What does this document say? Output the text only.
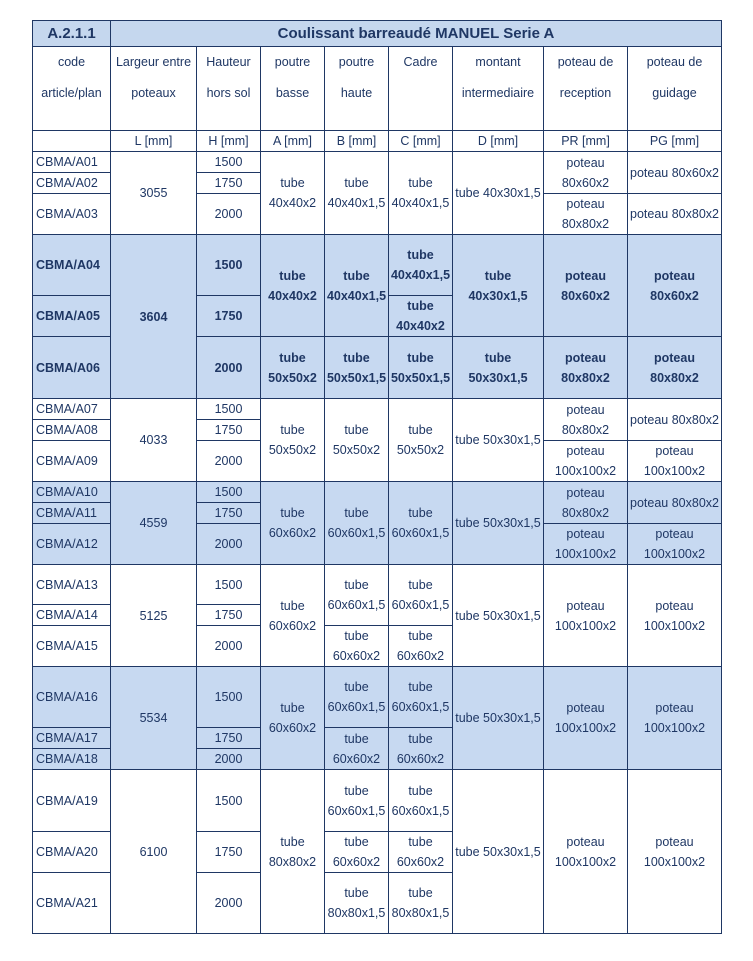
A.2.1.1	Coulissant barreaudé MANUEL Serie A							
code article/plan	Largeur entre poteaux	Hauteur hors sol	poutre basse	poutre haute	Cadre	montant intermediaire	poteau de reception	poteau de guidage
	L [mm]	H [mm]	A [mm]	B [mm]	C [mm]	D [mm]	PR [mm]	PG [mm]
CBMA/A01	3055	1500	tube 40x40x2	tube 40x40x1,5	tube 40x40x1,5	tube 40x30x1,5	poteau 80x60x2	poteau 80x60x2
CBMA/A02		1750						
CBMA/A03		2000					poteau 80x80x2	poteau 80x80x2
CBMA/A04	3604	1500	tube 40x40x2	tube 40x40x1,5	tube 40x40x1,5	tube 40x30x1,5	poteau 80x60x2	poteau 80x60x2
CBMA/A05		1750			tube 40x40x2			
CBMA/A06		2000	tube 50x50x2	tube 50x50x1,5	tube 50x50x1,5	tube 50x30x1,5	poteau 80x80x2	poteau 80x80x2
CBMA/A07	4033	1500	tube 50x50x2	tube 50x50x2	tube 50x50x2	tube 50x30x1,5	poteau 80x80x2	poteau 80x80x2
CBMA/A08		1750						
CBMA/A09		2000					poteau 100x100x2	poteau 100x100x2
CBMA/A10	4559	1500	tube 60x60x2	tube 60x60x1,5	tube 60x60x1,5	tube 50x30x1,5	poteau 80x80x2	poteau 80x80x2
CBMA/A11		1750						
CBMA/A12		2000					poteau 100x100x2	poteau 100x100x2
CBMA/A13	5125	1500	tube 60x60x2	tube 60x60x1,5	tube 60x60x1,5	tube 50x30x1,5	poteau 100x100x2	poteau 100x100x2
CBMA/A14		1750						
CBMA/A15		2000		tube 60x60x2	tube 60x60x2			
CBMA/A16	5534	1500	tube 60x60x2	tube 60x60x1,5	tube 60x60x1,5	tube 50x30x1,5	poteau 100x100x2	poteau 100x100x2
CBMA/A17		1750		tube 60x60x2	tube 60x60x2			
CBMA/A18		2000						
CBMA/A19	6100	1500	tube 80x80x2	tube 60x60x1,5	tube 60x60x1,5	tube 50x30x1,5	poteau 100x100x2	poteau 100x100x2
CBMA/A20		1750		tube 60x60x2	tube 60x60x2			
CBMA/A21		2000		tube 80x80x1,5	tube 80x80x1,5			
